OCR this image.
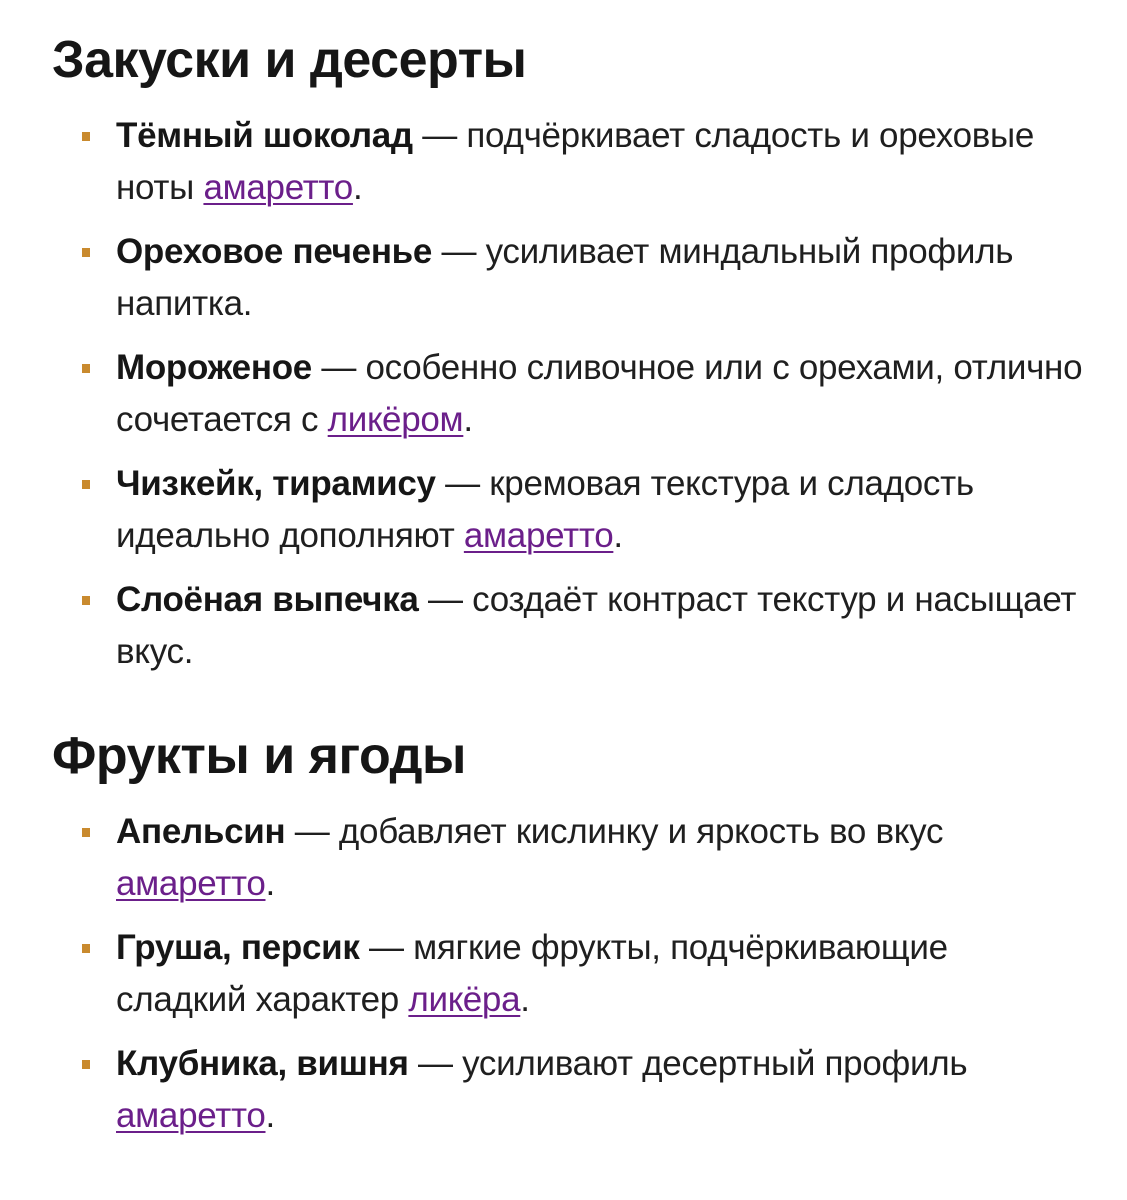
Закуски и десерты
Тёмный шоколад — подчёркивает сладость и ореховые ноты амаретто.
Ореховое печенье — усиливает миндальный профиль напитка.
Мороженое — особенно сливочное или с орехами, отлично сочетается с ликёром.
Чизкейк, тирамису — кремовая текстура и сладость идеально дополняют амаретто.
Слоёная выпечка — создаёт контраст текстур и насыщает вкус.
Фрукты и ягоды
Апельсин — добавляет кислинку и яркость во вкус амаретто.
Груша, персик — мягкие фрукты, подчёркивающие сладкий характер ликёра.
Клубника, вишня — усиливают десертный профиль амаретто.
